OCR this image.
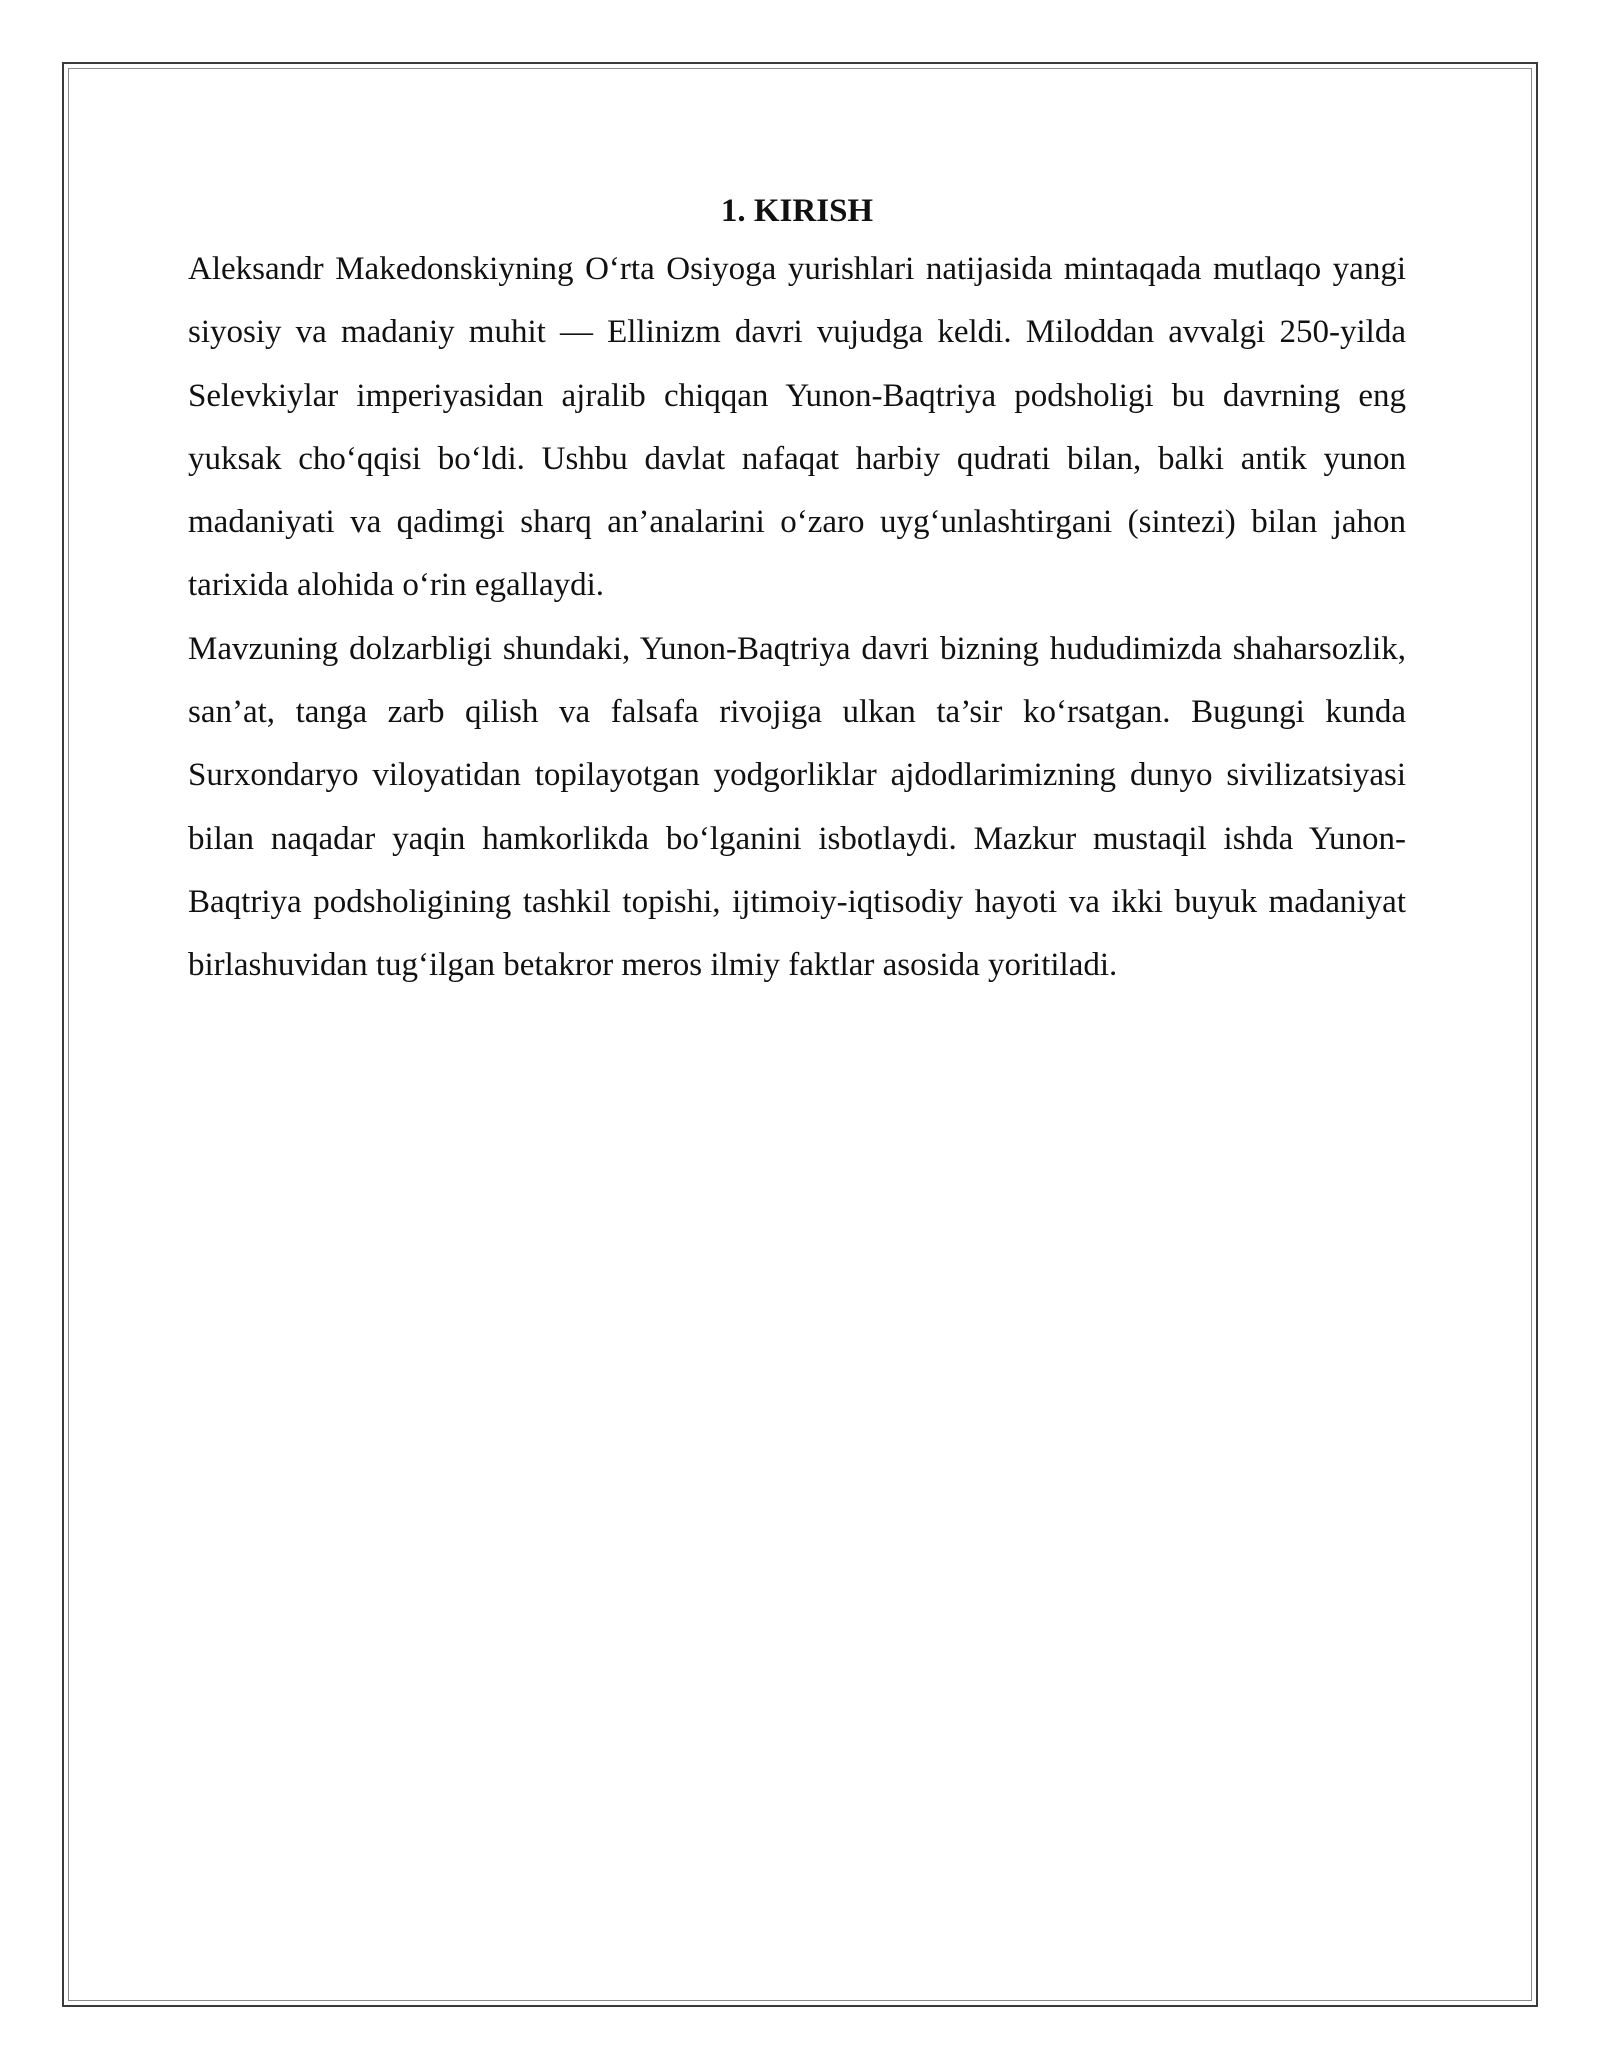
1. KIRISH

Aleksandr Makedonskiyning O‘rta Osiyoga yurishlari natijasida mintaqada mutlaqo yangi siyosiy va madaniy muhit — Ellinizm davri vujudga keldi. Miloddan avvalgi 250-yilda Selevkiylar imperiyasidan ajralib chiqqan Yunon-Baqtriya podsholigi bu davrning eng yuksak cho‘qqisi bo‘ldi. Ushbu davlat nafaqat harbiy qudrati bilan, balki antik yunon madaniyati va qadimgi sharq an’analarini o‘zaro uyg‘unlashtirgani (sintezi) bilan jahon tarixida alohida o‘rin egallaydi.

Mavzuning dolzarbligi shundaki, Yunon-Baqtriya davri bizning hududimizda shaharsozlik, san’at, tanga zarb qilish va falsafa rivojiga ulkan ta’sir ko‘rsatgan. Bugungi kunda Surxondaryo viloyatidan topilayotgan yodgorliklar ajdodlarimizning dunyo sivilizatsiyasi bilan naqadar yaqin hamkorlikda bo‘lganini isbotlaydi. Mazkur mustaqil ishda Yunon-Baqtriya podsholigining tashkil topishi, ijtimoiy-iqtisodiy hayoti va ikki buyuk madaniyat birlashuvidan tug‘ilgan betakror meros ilmiy faktlar asosida yoritiladi.
